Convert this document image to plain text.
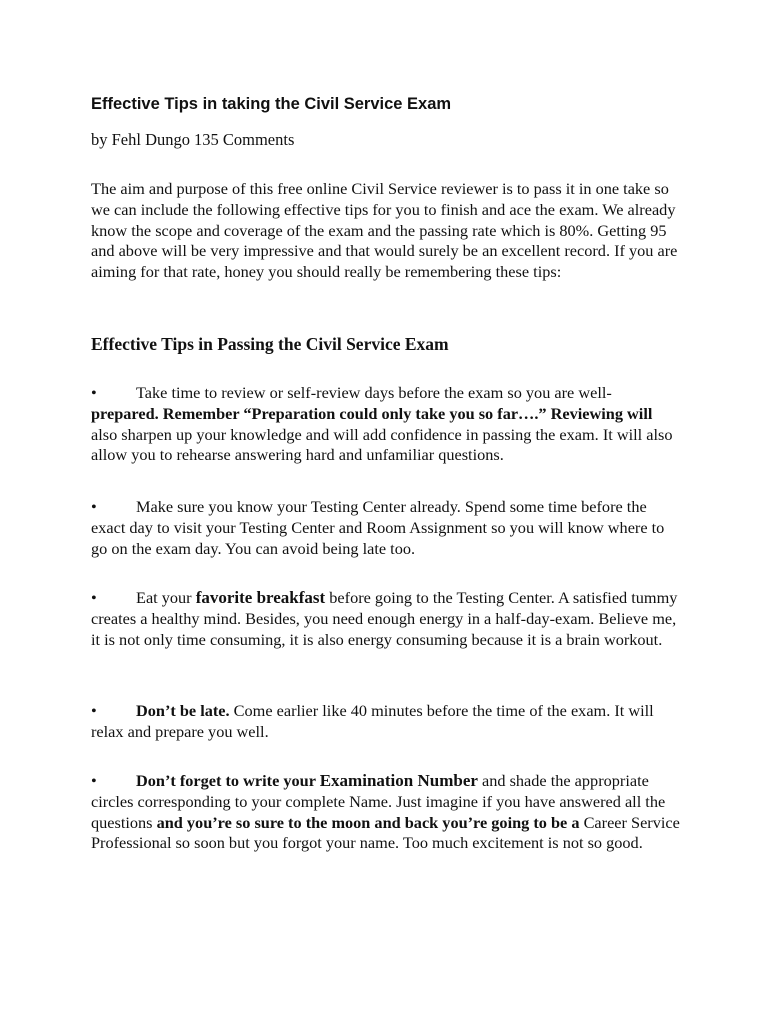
Effective Tips in taking the Civil Service Exam
by Fehl Dungo 135 Comments

The aim and purpose of this free online Civil Service reviewer is to pass it in one take so we can include the following effective tips for you to finish and ace the exam. We already know the scope and coverage of the exam and the passing rate which is 80%. Getting 95 and above will be very impressive and that would surely be an excellent record. If you are aiming for that rate, honey you should really be remembering these tips:

Effective Tips in Passing the Civil Service Exam

• Take time to review or self-review days before the exam so you are well-
prepared. Remember “Preparation could only take you so far….” Reviewing will also sharpen up your knowledge and will add confidence in passing the exam. It will also allow you to rehearse answering hard and unfamiliar questions.

• Make sure you know your Testing Center already. Spend some time before the exact day to visit your Testing Center and Room Assignment so you will know where to go on the exam day. You can avoid being late too.

• Eat your favorite breakfast before going to the Testing Center. A satisfied tummy creates a healthy mind. Besides, you need enough energy in a half-day-exam. Believe me, it is not only time consuming, it is also energy consuming because it is a brain workout.

• Don’t be late. Come earlier like 40 minutes before the time of the exam. It will relax and prepare you well.

• Don’t forget to write your Examination Number and shade the appropriate circles corresponding to your complete Name. Just imagine if you have answered all the questions and you’re so sure to the moon and back you’re going to be a Career Service Professional so soon but you forgot your name. Too much excitement is not so good.
